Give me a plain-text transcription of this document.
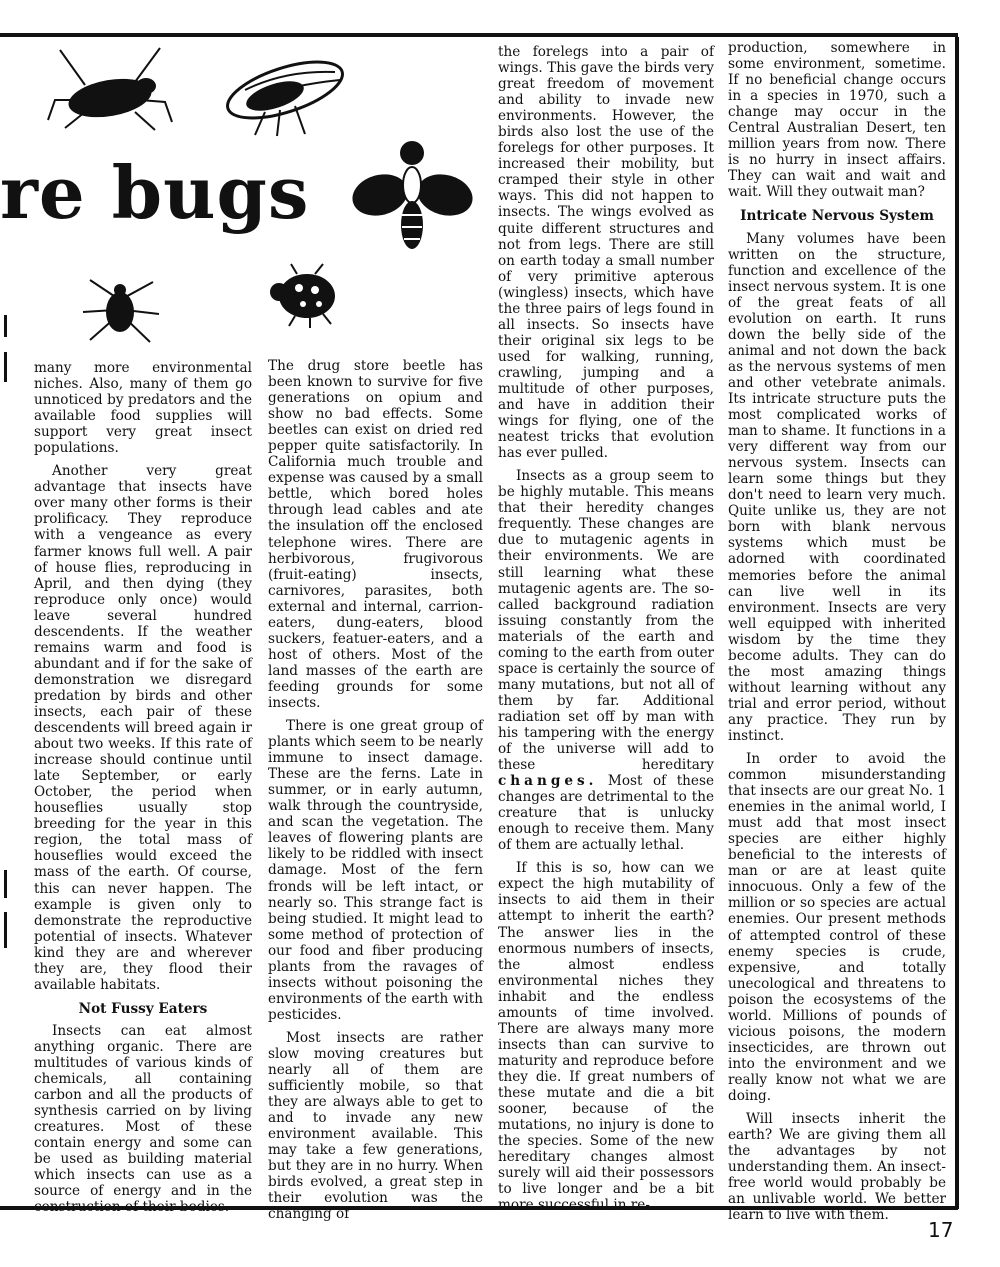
re bugs

many more environmental niches. Also, many of them go unnoticed by predators and the available food supplies will support very great insect populations.

Another very great advantage that insects have over many other forms is their prolificacy. They reproduce with a vengeance as every farmer knows full well. A pair of house flies, reproducing in April, and then dying (they reproduce only once) would leave several hundred descendents. If the weather remains warm and food is abundant and if for the sake of demonstration we disregard predation by birds and other insects, each pair of these descendents will breed again ir about two weeks. If this rate of increase should continue until late September, or early October, the period when houseflies usually stop breeding for the year in this region, the total mass of houseflies would exceed the mass of the earth. Of course, this can never happen. The example is given only to demonstrate the reproductive potential of insects. Whatever kind they are and wherever they are, they flood their available habitats.

Not Fussy Eaters

Insects can eat almost anything organic. There are multitudes of various kinds of chemicals, all containing carbon and all the products of synthesis carried on by living creatures. Most of these contain energy and some can be used as building material which insects can use as a source of energy and in the construction of their bodies.

The drug store beetle has been known to survive for five generations on opium and show no bad effects. Some beetles can exist on dried red pepper quite satisfactorily. In California much trouble and expense was caused by a small bettle, which bored holes through lead cables and ate the insulation off the enclosed telephone wires. There are herbivorous, frugivorous (fruit-eating) insects, carnivores, parasites, both external and internal, carrion-eaters, dung-eaters, blood suckers, featuer-eaters, and a host of others. Most of the land masses of the earth are feeding grounds for some insects.

There is one great group of plants which seem to be nearly immune to insect damage. These are the ferns. Late in summer, or in early autumn, walk through the countryside, and scan the vegetation. The leaves of flowering plants are likely to be riddled with insect damage. Most of the fern fronds will be left intact, or nearly so. This strange fact is being studied. It might lead to some method of protection of our food and fiber producing plants from the ravages of insects without poisoning the environments of the earth with pesticides.

Most insects are rather slow moving creatures but nearly all of them are sufficiently mobile, so that they are always able to get to and to invade any new environment available. This may take a few generations, but they are in no hurry. When birds evolved, a great step in their evolution was the changing of

the forelegs into a pair of wings. This gave the birds very great freedom of movement and ability to invade new environments. However, the birds also lost the use of the forelegs for other purposes. It increased their mobility, but cramped their style in other ways. This did not happen to insects. The wings evolved as quite different structures and not from legs. There are still on earth today a small number of very primitive apterous (wingless) insects, which have the three pairs of legs found in all insects. So insects have their original six legs to be used for walking, running, crawling, jumping and a multitude of other purposes, and have in addition their wings for flying, one of the neatest tricks that evolution has ever pulled.

Insects as a group seem to be highly mutable. This means that their heredity changes frequently. These changes are due to mutagenic agents in their environments. We are still learning what these mutagenic agents are. The so-called background radiation issuing constantly from the materials of the earth and coming to the earth from outer space is certainly the source of many mutations, but not all of them by far. Additional radiation set off by man with his tampering with the energy of the universe will add to these hereditary changes. Most of these changes are detrimental to the creature that is unlucky enough to receive them. Many of them are actually lethal.

If this is so, how can we expect the high mutability of insects to aid them in their attempt to inherit the earth? The answer lies in the enormous numbers of insects, the almost endless environmental niches they inhabit and the endless amounts of time involved. There are always many more insects than can survive to maturity and reproduce before they die. If great numbers of these mutate and die a bit sooner, because of the mutations, no injury is done to the species. Some of the new hereditary changes almost surely will aid their possessors to live longer and be a bit more successful in re-

production, somewhere in some environment, sometime. If no beneficial change occurs in a species in 1970, such a change may occur in the Central Australian Desert, ten million years from now. There is no hurry in insect affairs. They can wait and wait and wait. Will they outwait man?

Intricate Nervous System

Many volumes have been written on the structure, function and excellence of the insect nervous system. It is one of the great feats of all evolution on earth. It runs down the belly side of the animal and not down the back as the nervous systems of men and other vetebrate animals. Its intricate structure puts the most complicated works of man to shame. It functions in a very different way from our nervous system. Insects can learn some things but they don't need to learn very much. Quite unlike us, they are not born with blank nervous systems which must be adorned with coordinated memories before the animal can live well in its environment. Insects are very well equipped with inherited wisdom by the time they become adults. They can do the most amazing things without learning without any trial and error period, without any practice. They run by instinct.

In order to avoid the common misunderstanding that insects are our great No. 1 enemies in the animal world, I must add that most insect species are either highly beneficial to the interests of man or are at least quite innocuous. Only a few of the million or so species are actual enemies. Our present methods of attempted control of these enemy species is crude, expensive, and totally unecological and threatens to poison the ecosystems of the world. Millions of pounds of vicious poisons, the modern insecticides, are thrown out into the environment and we really know not what we are doing.

Will insects inherit the earth? We are giving them all the advantages by not understanding them. An insect-free world would probably be an unlivable world. We better learn to live with them.

17
